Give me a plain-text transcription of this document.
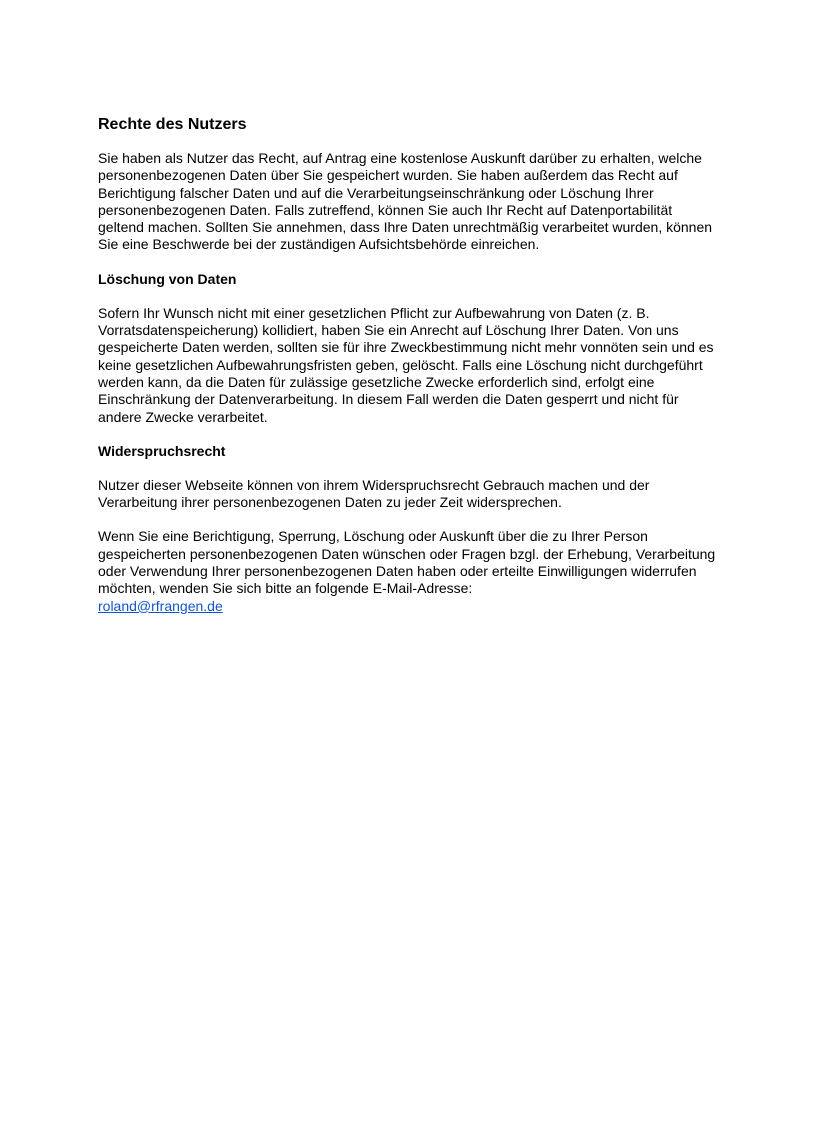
Rechte des Nutzers

Sie haben als Nutzer das Recht, auf Antrag eine kostenlose Auskunft darüber zu erhalten, welche personenbezogenen Daten über Sie gespeichert wurden. Sie haben außerdem das Recht auf Berichtigung falscher Daten und auf die Verarbeitungseinschränkung oder Löschung Ihrer personenbezogenen Daten. Falls zutreffend, können Sie auch Ihr Recht auf Datenportabilität geltend machen. Sollten Sie annehmen, dass Ihre Daten unrechtmäßig verarbeitet wurden, können Sie eine Beschwerde bei der zuständigen Aufsichtsbehörde einreichen.

Löschung von Daten

Sofern Ihr Wunsch nicht mit einer gesetzlichen Pflicht zur Aufbewahrung von Daten (z. B. Vorratsdatenspeicherung) kollidiert, haben Sie ein Anrecht auf Löschung Ihrer Daten. Von uns gespeicherte Daten werden, sollten sie für ihre Zweckbestimmung nicht mehr vonnöten sein und es keine gesetzlichen Aufbewahrungsfristen geben, gelöscht. Falls eine Löschung nicht durchgeführt werden kann, da die Daten für zulässige gesetzliche Zwecke erforderlich sind, erfolgt eine Einschränkung der Datenverarbeitung. In diesem Fall werden die Daten gesperrt und nicht für andere Zwecke verarbeitet.

Widerspruchsrecht

Nutzer dieser Webseite können von ihrem Widerspruchsrecht Gebrauch machen und der Verarbeitung ihrer personenbezogenen Daten zu jeder Zeit widersprechen.

Wenn Sie eine Berichtigung, Sperrung, Löschung oder Auskunft über die zu Ihrer Person gespeicherten personenbezogenen Daten wünschen oder Fragen bzgl. der Erhebung, Verarbeitung oder Verwendung Ihrer personenbezogenen Daten haben oder erteilte Einwilligungen widerrufen möchten, wenden Sie sich bitte an folgende E-Mail-Adresse:

roland@rfrangen.de
